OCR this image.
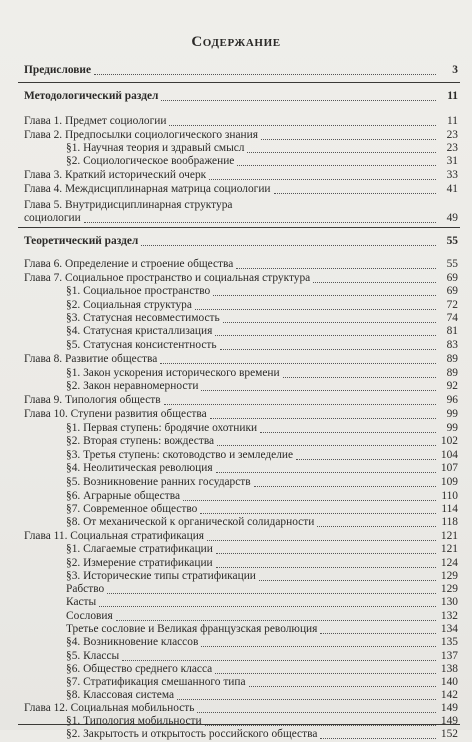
Содержание
Предисловие	3
Методологический раздел	11
Глава 1. Предмет социологии	11
Глава 2. Предпосылки социологического знания	23
§1. Научная теория и здравый смысл	23
§2. Социологическое воображение	31
Глава 3. Краткий исторический очерк	33
Глава 4. Междисциплинарная матрица социологии	41
Глава 5. Внутридисциплинарная структура
социологии	49
Теоретический раздел	55
Глава 6. Определение и строение общества	55
Глава 7. Социальное пространство и социальная структура	69
§1. Социальное пространство	69
§2. Социальная структура	72
§3. Статусная несовместимость	74
§4. Статусная кристаллизация	81
§5. Статусная консистентность	83
Глава 8. Развитие общества	89
§1. Закон ускорения исторического времени	89
§2. Закон неравномерности	92
Глава 9. Типология обществ	96
Глава 10. Ступени развития общества	99
§1. Первая ступень: бродячие охотники	99
§2. Вторая ступень: вождества	102
§3. Третья ступень: скотоводство и земледелие	104
§4. Неолитическая революция	107
§5. Возникновение ранних государств	109
§6. Аграрные общества	110
§7. Современное общество	114
§8. От механической к органической солидарности	118
Глава 11. Социальная стратификация	121
§1. Слагаемые стратификации	121
§2. Измерение стратификации	124
§3. Исторические типы стратификации	129
Рабство	129
Касты	130
Сословия	132
Третье сословие и Великая французская революция	134
§4. Возникновение классов	135
§5. Классы	137
§6. Общество среднего класса	138
§7. Стратификация смешанного типа	140
§8. Классовая система	142
Глава 12. Социальная мобильность	149
§1. Типология мобильности	149
§2. Закрытость и открытость российского общества	152
